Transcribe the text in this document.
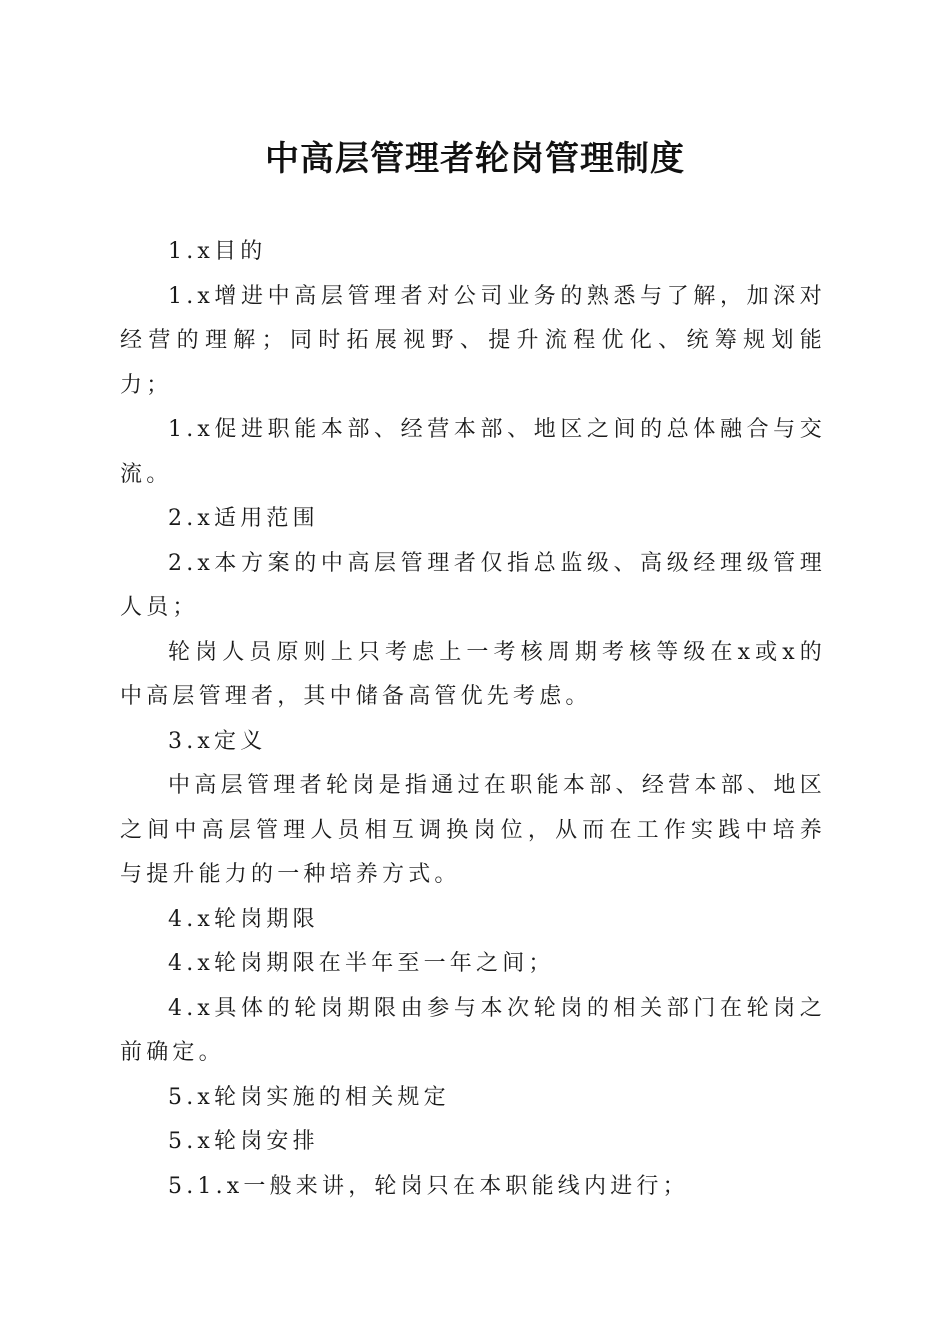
中高层管理者轮岗管理制度

1.x目的

1.x增进中高层管理者对公司业务的熟悉与了解，加深对经营的理解；同时拓展视野、提升流程优化、统筹规划能力；

1.x促进职能本部、经营本部、地区之间的总体融合与交流。

2.x适用范围

2.x本方案的中高层管理者仅指总监级、高级经理级管理人员；

轮岗人员原则上只考虑上一考核周期考核等级在x或x的中高层管理者，其中储备高管优先考虑。

3.x定义

中高层管理者轮岗是指通过在职能本部、经营本部、地区之间中高层管理人员相互调换岗位，从而在工作实践中培养与提升能力的一种培养方式。

4.x轮岗期限

4.x轮岗期限在半年至一年之间；

4.x具体的轮岗期限由参与本次轮岗的相关部门在轮岗之前确定。

5.x轮岗实施的相关规定

5.x轮岗安排

5.1.x一般来讲，轮岗只在本职能线内进行；
